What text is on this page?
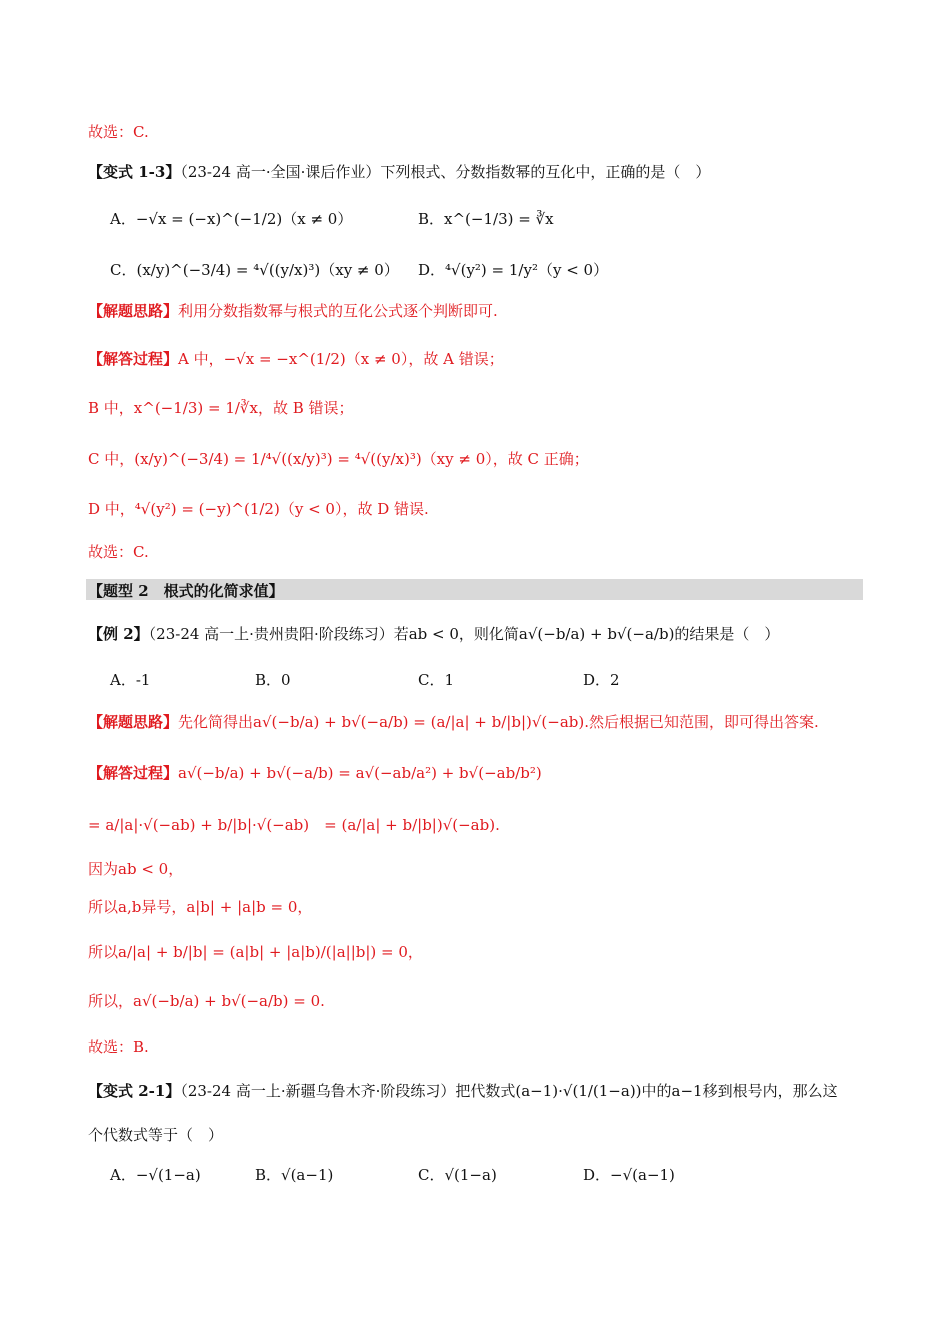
故选：C.
【变式 1-3】（23-24 高一·全国·课后作业）下列根式、分数指数幂的互化中，正确的是（　）
A．−√x = (−x)^(−1/2)（x ≠ 0）	B．x^(−1/3) = ∛x
C．(x/y)^(−3/4) = ⁴√((y/x)³)（xy ≠ 0） D．⁴√(y²) = 1/y²（y < 0）
【解题思路】利用分数指数幂与根式的互化公式逐个判断即可.
【解答过程】A 中，−√x = −x^(1/2)（x ≠ 0），故 A 错误；
B 中，x^(−1/3) = 1/∛x，故 B 错误；
C 中，(x/y)^(−3/4) = 1/⁴√((x/y)³) = ⁴√((y/x)³)（xy ≠ 0），故 C 正确；
D 中，⁴√(y²) = (−y)^(1/2)（y < 0），故 D 错误.
故选：C.
【题型 2　根式的化简求值】
【例 2】（23-24 高一上·贵州贵阳·阶段练习）若ab < 0，则化简a√(−b/a) + b√(−a/b)的结果是（　）
A．-1	B．0	C．1	D．2
【解题思路】先化简得出a√(−b/a) + b√(−a/b) = (a/|a| + b/|b|)√(−ab).然后根据已知范围，即可得出答案.
【解答过程】a√(−b/a) + b√(−a/b) = a√(−ab/a²) + b√(−ab/b²)
= a/|a|·√(−ab) + b/|b|·√(−ab)　= (a/|a| + b/|b|)√(−ab).
因为ab < 0，
所以a,b异号，a|b| + |a|b = 0，
所以a/|a| + b/|b| = (a|b| + |a|b)/(|a||b|) = 0，
所以，a√(−b/a) + b√(−a/b) = 0.
故选：B.
【变式 2-1】（23-24 高一上·新疆乌鲁木齐·阶段练习）把代数式(a−1)·√(1/(1−a))中的a−1移到根号内，那么这
个代数式等于（　）
A．−√(1−a)	B．√(a−1)	C．√(1−a)	D．−√(a−1)
